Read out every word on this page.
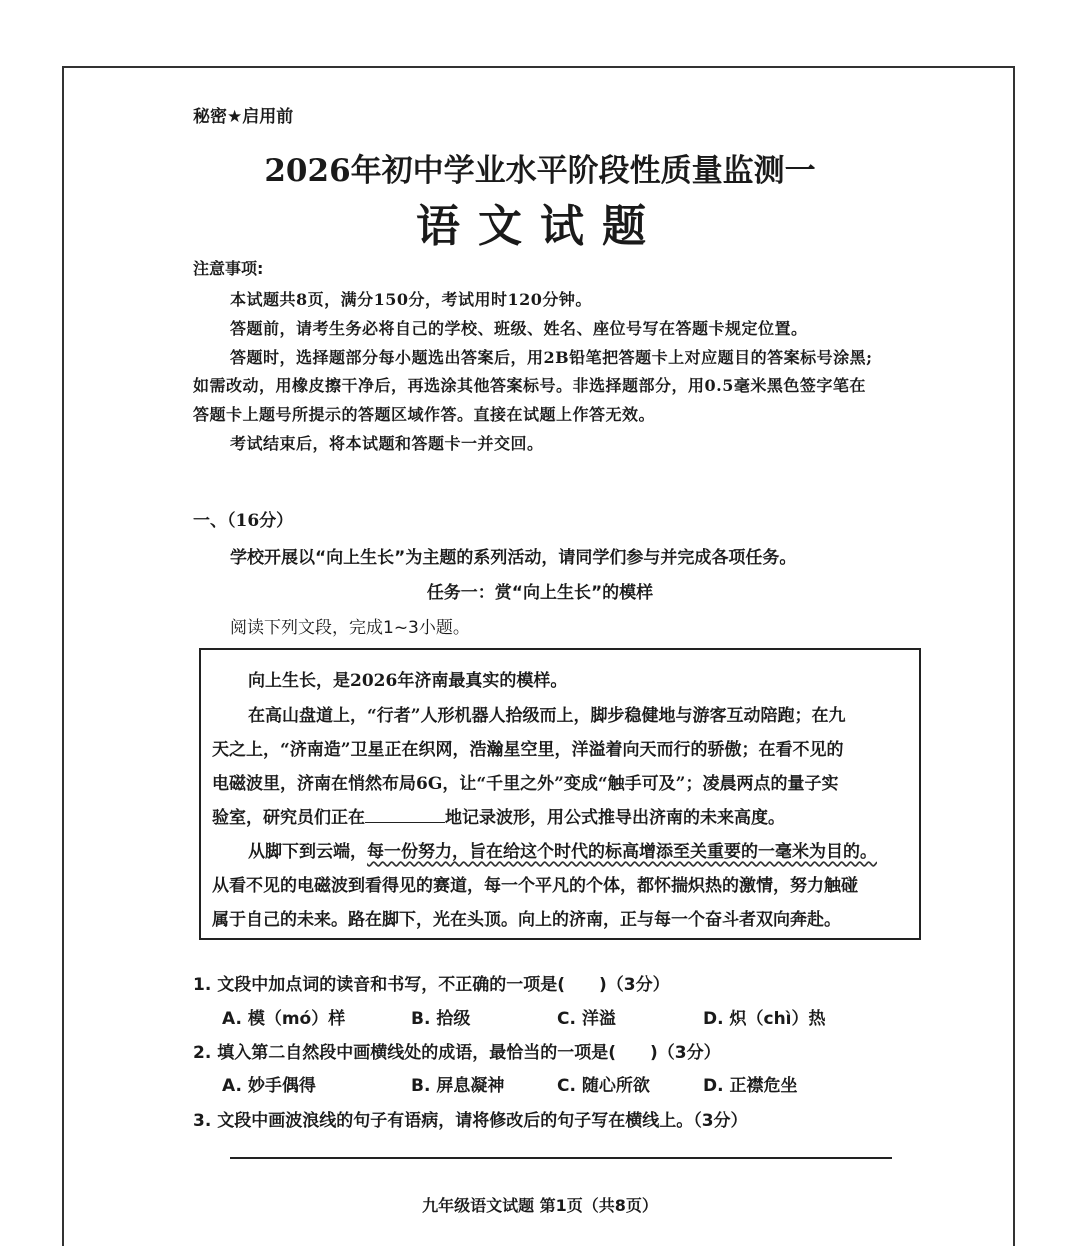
秘密★启用前
2026年初中学业水平阶段性质量监测一
语文试题
注意事项:
本试题共8页，满分150分，考试用时120分钟。
答题前，请考生务必将自己的学校、班级、姓名、座位号写在答题卡规定位置。
答题时，选择题部分每小题选出答案后，用2B铅笔把答题卡上对应题目的答案标号涂黑;
如需改动，用橡皮擦干净后，再选涂其他答案标号。非选择题部分，用0.5毫米黑色签字笔在
答题卡上题号所提示的答题区域作答。直接在试题上作答无效。
考试结束后，将本试题和答题卡一并交回。
一、（16分）
学校开展以“向上生长”为主题的系列活动，请同学们参与并完成各项任务。
任务一：赏“向上生长”的模样
阅读下列文段，完成1~3小题。
向上生长，是2026年济南最真实的模样。
在高山盘道上，“行者”人形机器人拾级而上，脚步稳健地与游客互动陪跑；在九
天之上，“济南造”卫星正在织网，浩瀚星空里，洋溢着向天而行的骄傲；在看不见的
电磁波里，济南在悄然布局6G，让“千里之外”变成“触手可及”；凌晨两点的量子实
验室，研究员们正在	地记录波形，用公式推导出济南的未来高度。
从脚下到云端，每一份努力，旨在给这个时代的标高增添至关重要的一毫米为目的。
从看不见的电磁波到看得见的赛道，每一个平凡的个体，都怀揣炽热的激情，努力触碰
属于自己的未来。路在脚下，光在头顶。向上的济南，正与每一个奋斗者双向奔赴。
1. 文段中加点词的读音和书写，不正确的一项是(　　)（3分）
A. 模（mó）样	B. 拾级	C. 洋溢	D. 炽（chì）热
2. 填入第二自然段中画横线处的成语，最恰当的一项是(　　)（3分）
A. 妙手偶得	B. 屏息凝神	C. 随心所欲	D. 正襟危坐
3. 文段中画波浪线的句子有语病，请将修改后的句子写在横线上。（3分）
九年级语文试题 第1页（共8页）
